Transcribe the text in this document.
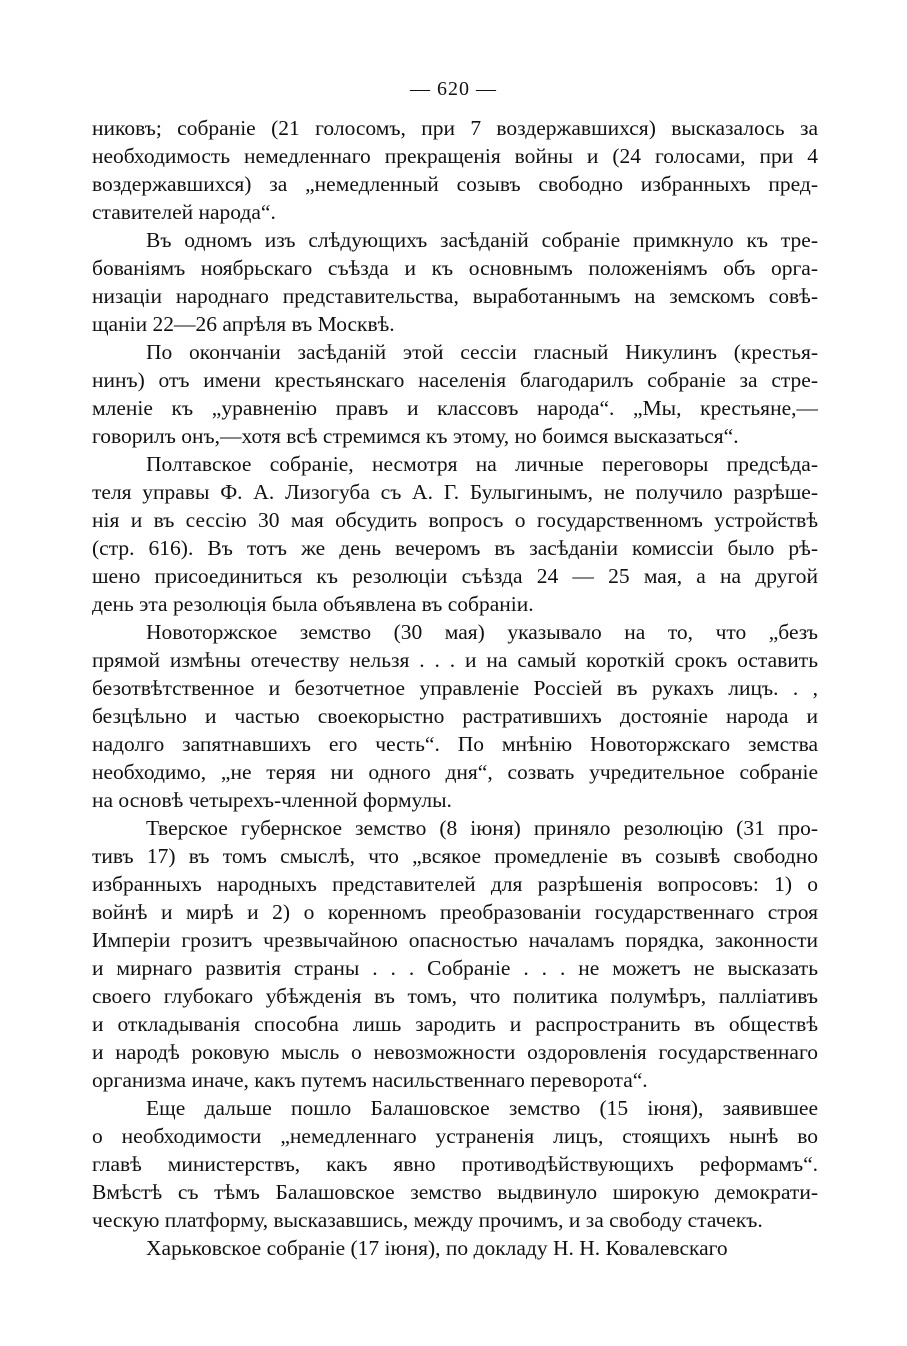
— 620 —
никовъ; собраніе (21 голосомъ, при 7 воздержавшихся) высказалось за
необходимость немедленнаго прекращенія войны и (24 голосами, при 4
воздержавшихся) за „немедленный созывъ свободно избранныхъ пред-
ставителей народа“.
Въ одномъ изъ слѣдующихъ засѣданій собраніе примкнуло къ тре-
бованіямъ ноябрьскаго съѣзда и къ основнымъ положеніямъ объ орга-
низаціи народнаго представительства, выработаннымъ на земскомъ совѣ-
щаніи 22—26 апрѣля въ Москвѣ.
По окончаніи засѣданій этой сессіи гласный Никулинъ (крестья-
нинъ) отъ имени крестьянскаго населенія благодарилъ собраніе за стре-
мленіе къ „уравненію правъ и классовъ народа“. „Мы, крестьяне,—
говорилъ онъ,—хотя всѣ стремимся къ этому, но боимся высказаться“.
Полтавское собраніе, несмотря на личные переговоры предсѣда-
теля управы Ф. А. Лизогуба съ А. Г. Булыгинымъ, не получило разрѣше-
нія и въ сессію 30 мая обсудить вопросъ о государственномъ устройствѣ
(стр. 616). Въ тотъ же день вечеромъ въ засѣданіи комиссіи было рѣ-
шено присоединиться къ резолюціи съѣзда 24 — 25 мая, а на другой
день эта резолюція была объявлена въ собраніи.
Новоторжское земство (30 мая) указывало на то, что „безъ
прямой измѣны отечеству нельзя . . . и на самый короткій срокъ оставить
безотвѣтственное и безотчетное управленіе Россіей въ рукахъ лицъ. . ,
безцѣльно и частью своекорыстно растратившихъ достояніе народа и
надолго запятнавшихъ его честь“. По мнѣнію Новоторжскаго земства
необходимо, „не теряя ни одного дня“, созвать учредительное собраніе
на основѣ четырехъ-членной формулы.
Тверское губернское земство (8 іюня) приняло резолюцію (31 про-
тивъ 17) въ томъ смыслѣ, что „всякое промедленіе въ созывѣ свободно
избранныхъ народныхъ представителей для разрѣшенія вопросовъ: 1) о
войнѣ и мирѣ и 2) о коренномъ преобразованіи государственнаго строя
Имперіи грозитъ чрезвычайною опасностью началамъ порядка, законности
и мирнаго развитія страны . . . Собраніе . . . не можетъ не высказать
своего глубокаго убѣжденія въ томъ, что политика полумѣръ, палліативъ
и откладыванія способна лишь зародить и распространить въ обществѣ
и народѣ роковую мысль о невозможности оздоровленія государственнаго
организма иначе, какъ путемъ насильственнаго переворота“.
Еще дальше пошло Балашовское земство (15 іюня), заявившее
о необходимости „немедленнаго устраненія лицъ, стоящихъ нынѣ во
главѣ министерствъ, какъ явно противодѣйствующихъ реформамъ“.
Вмѣстѣ съ тѣмъ Балашовское земство выдвинуло широкую демократи-
ческую платформу, высказавшись, между прочимъ, и за свободу стачекъ.
Харьковское собраніе (17 іюня), по докладу Н. Н. Ковалевскаго
